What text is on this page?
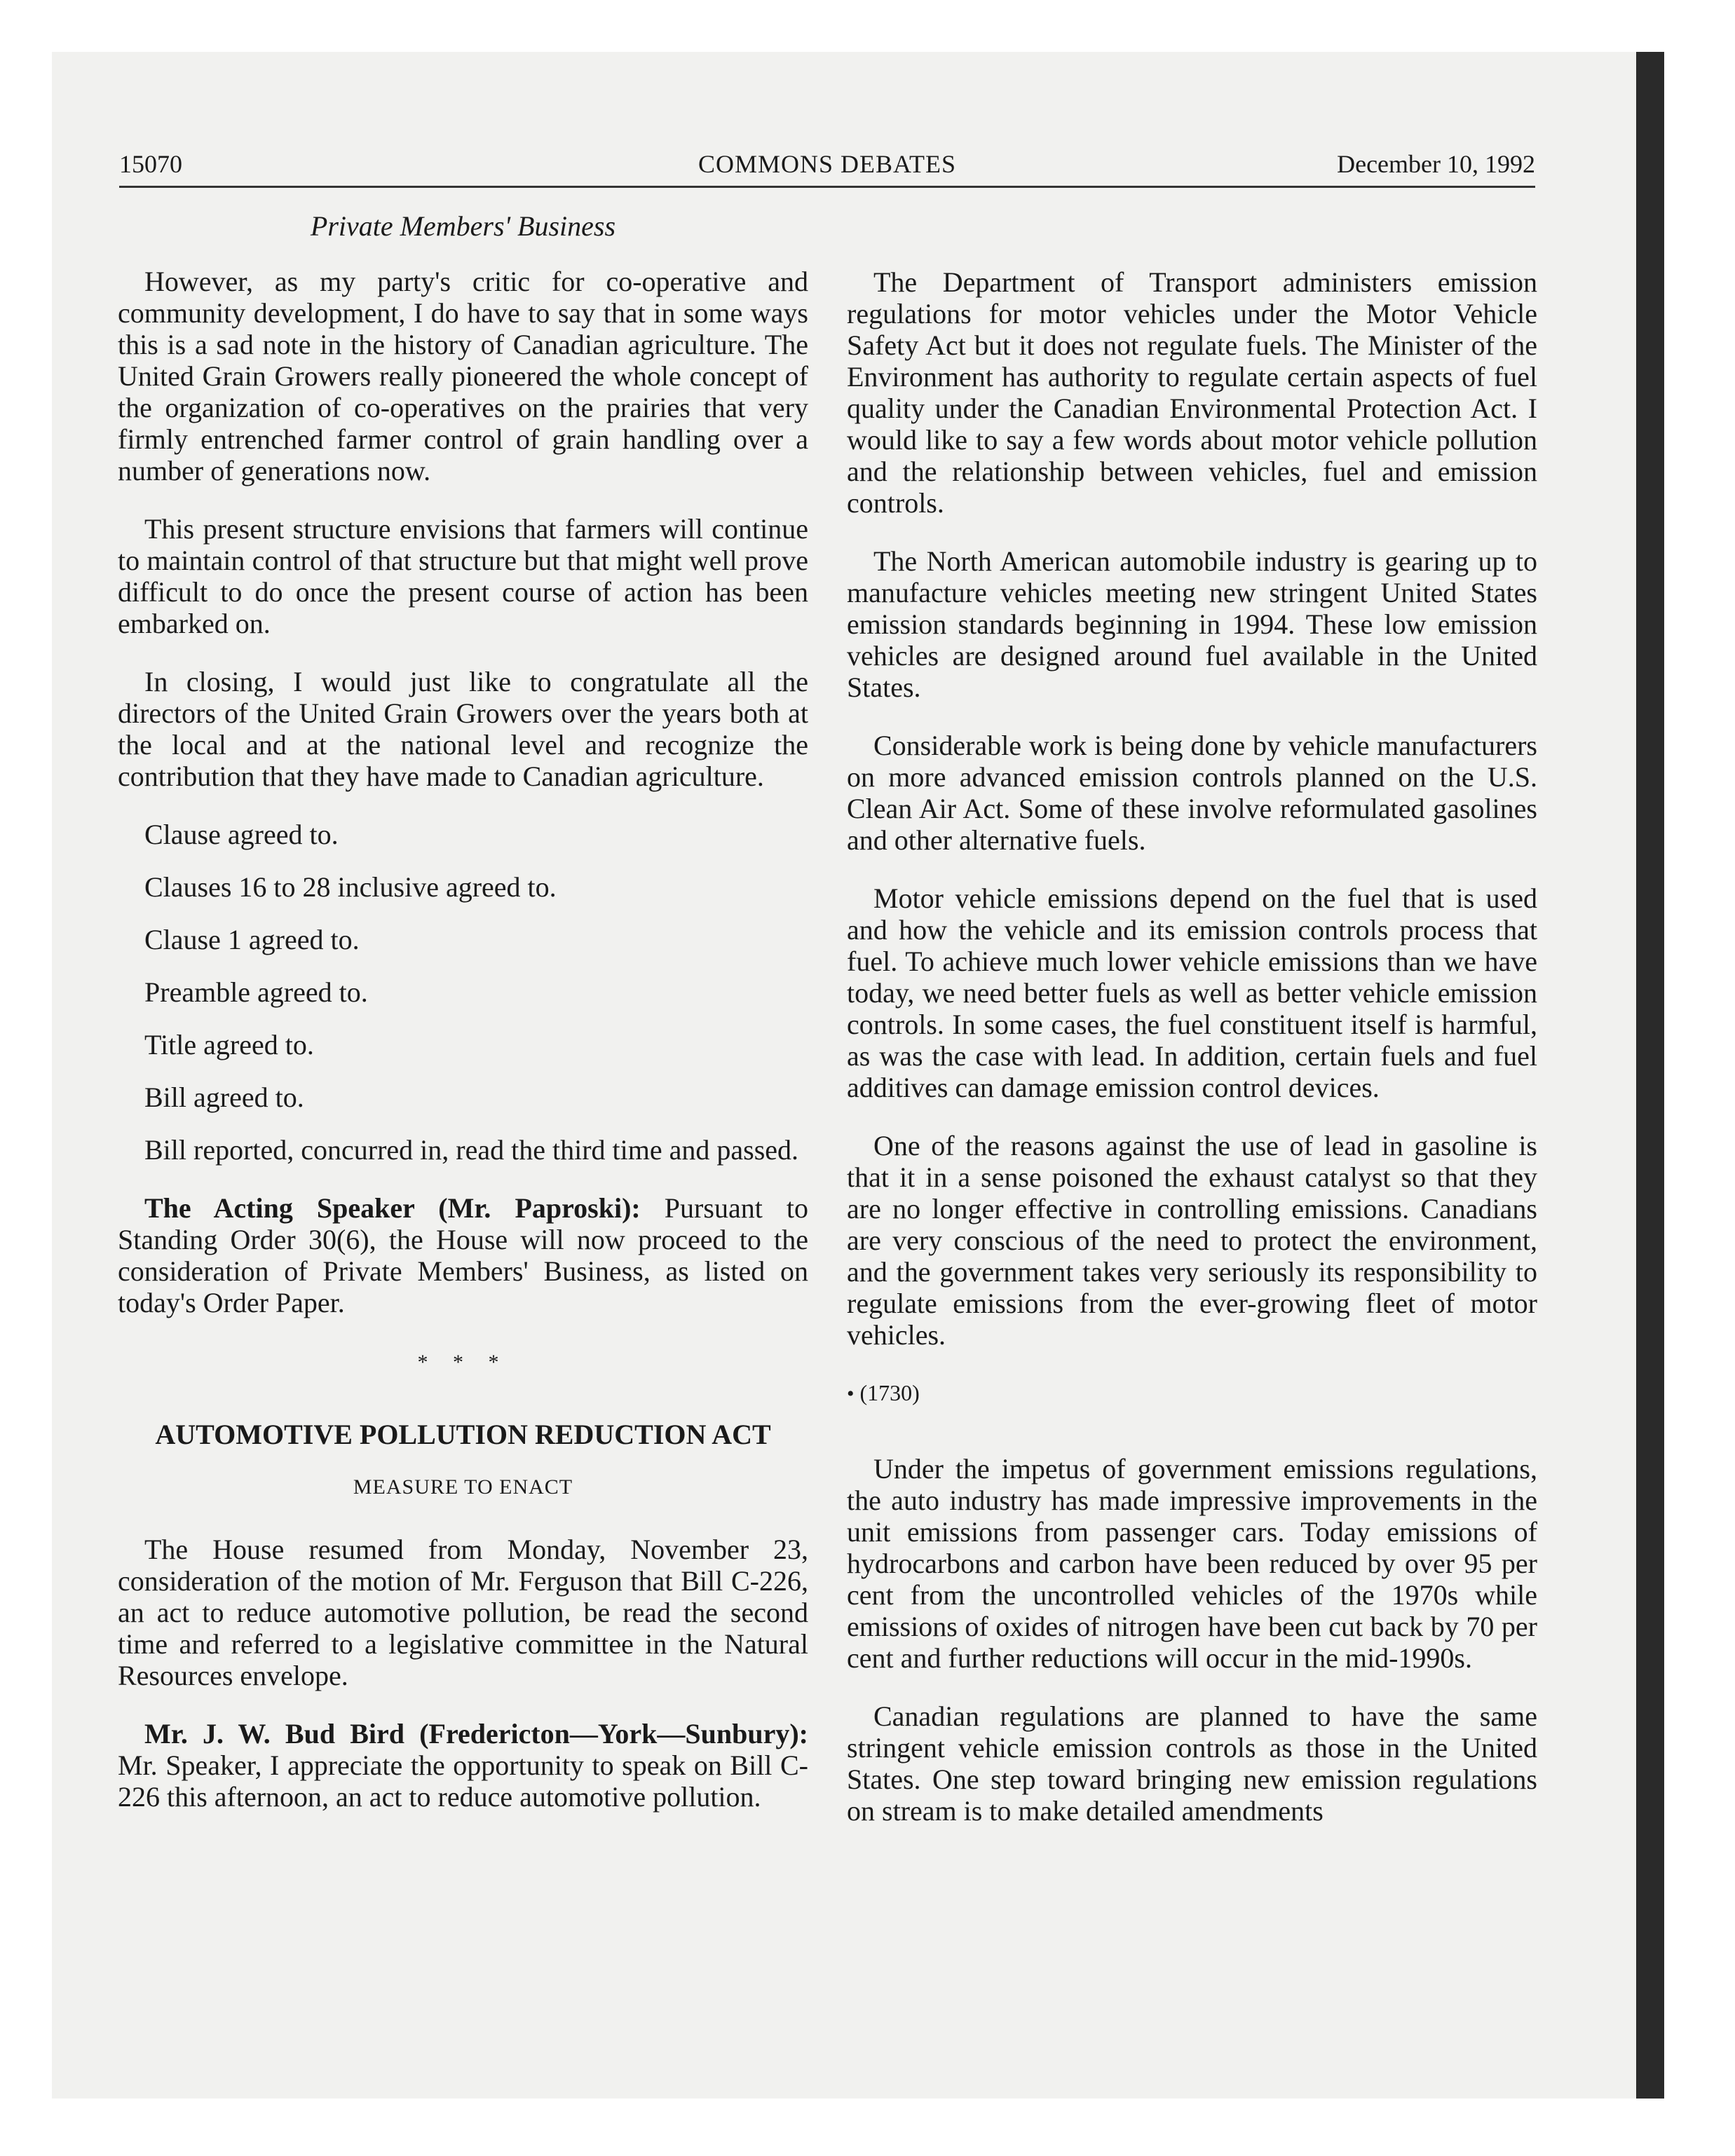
15070	COMMONS DEBATES	December 10, 1992
Private Members' Business

However, as my party's critic for co-operative and community development, I do have to say that in some ways this is a sad note in the history of Canadian agriculture. The United Grain Growers really pioneered the whole concept of the organization of co-operatives on the prairies that very firmly entrenched farmer control of grain handling over a number of generations now.

This present structure envisions that farmers will continue to maintain control of that structure but that might well prove difficult to do once the present course of action has been embarked on.

In closing, I would just like to congratulate all the directors of the United Grain Growers over the years both at the local and at the national level and recognize the contribution that they have made to Canadian agriculture.

Clause agreed to.

Clauses 16 to 28 inclusive agreed to.

Clause 1 agreed to.

Preamble agreed to.

Title agreed to.

Bill agreed to.

Bill reported, concurred in, read the third time and passed.

The Acting Speaker (Mr. Paproski): Pursuant to Standing Order 30(6), the House will now proceed to the consideration of Private Members' Business, as listed on today's Order Paper.

* * *
AUTOMOTIVE POLLUTION REDUCTION ACT
MEASURE TO ENACT

The House resumed from Monday, November 23, consideration of the motion of Mr. Ferguson that Bill C-226, an act to reduce automotive pollution, be read the second time and referred to a legislative committee in the Natural Resources envelope.

Mr. J. W. Bud Bird (Fredericton—York—Sunbury): Mr. Speaker, I appreciate the opportunity to speak on Bill C-226 this afternoon, an act to reduce automotive pollution.

The Department of Transport administers emission regulations for motor vehicles under the Motor Vehicle Safety Act but it does not regulate fuels. The Minister of the Environment has authority to regulate certain aspects of fuel quality under the Canadian Environmental Protection Act. I would like to say a few words about motor vehicle pollution and the relationship between vehicles, fuel and emission controls.

The North American automobile industry is gearing up to manufacture vehicles meeting new stringent United States emission standards beginning in 1994. These low emission vehicles are designed around fuel available in the United States.

Considerable work is being done by vehicle manufacturers on more advanced emission controls planned on the U.S. Clean Air Act. Some of these involve reformulated gasolines and other alternative fuels.

Motor vehicle emissions depend on the fuel that is used and how the vehicle and its emission controls process that fuel. To achieve much lower vehicle emissions than we have today, we need better fuels as well as better vehicle emission controls. In some cases, the fuel constituent itself is harmful, as was the case with lead. In addition, certain fuels and fuel additives can damage emission control devices.

One of the reasons against the use of lead in gasoline is that it in a sense poisoned the exhaust catalyst so that they are no longer effective in controlling emissions. Canadians are very conscious of the need to protect the environment, and the government takes very seriously its responsibility to regulate emissions from the ever-growing fleet of motor vehicles.

• (1730)

Under the impetus of government emissions regulations, the auto industry has made impressive improvements in the unit emissions from passenger cars. Today emissions of hydrocarbons and carbon have been reduced by over 95 per cent from the uncontrolled vehicles of the 1970s while emissions of oxides of nitrogen have been cut back by 70 per cent and further reductions will occur in the mid-1990s.

Canadian regulations are planned to have the same stringent vehicle emission controls as those in the United States. One step toward bringing new emission regulations on stream is to make detailed amendments
